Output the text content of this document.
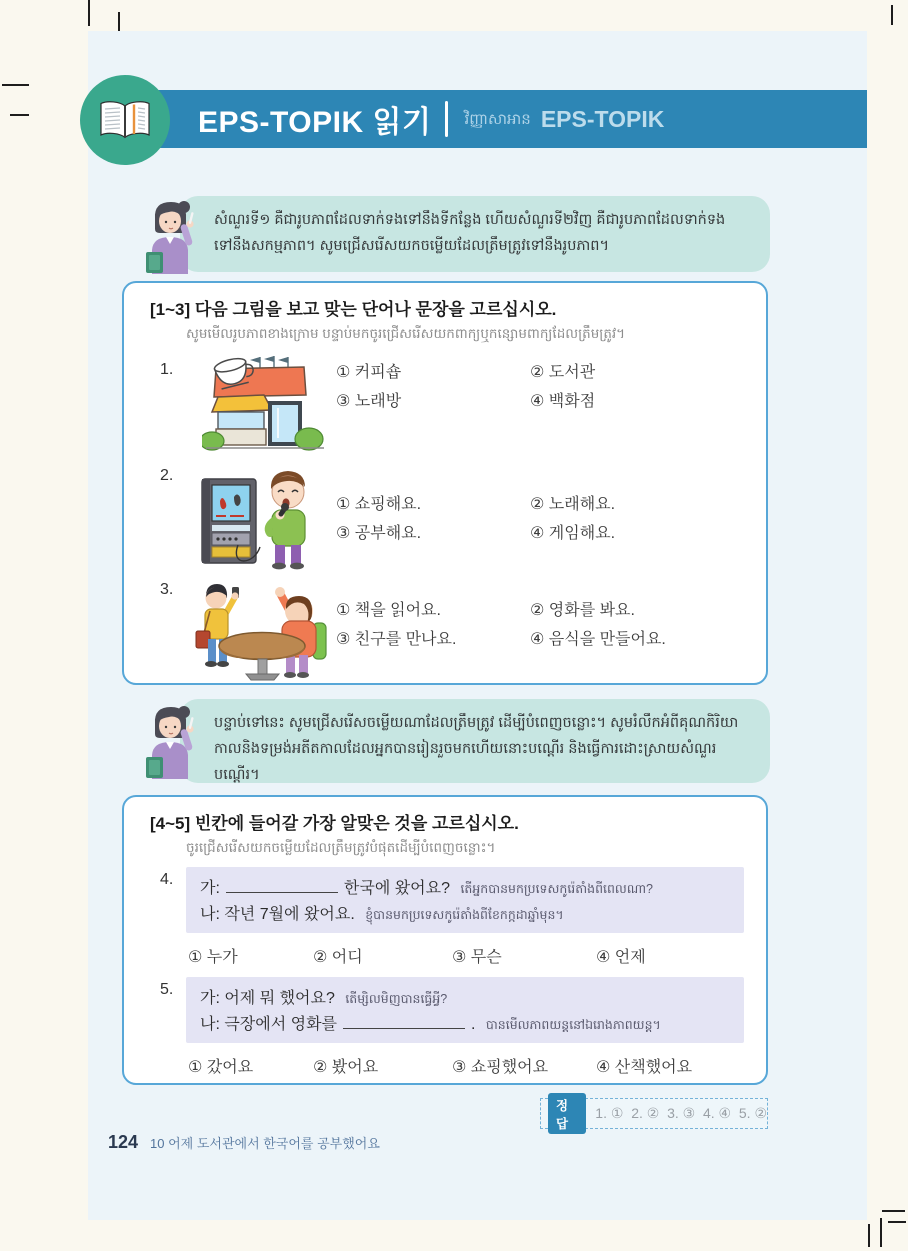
EPS-TOPIK 읽기 វិញ្ញាសាអាន EPS-TOPIK
សំណួរទី១ គឺជារូបភាពដែលទាក់ទងទៅនឹងទីកន្លែង ហើយសំណួរទី២វិញ គឺជារូបភាពដែលទាក់ទងទៅនឹងសកម្មភាព។ សូមជ្រើសរើសយកចម្លើយដែលត្រឹមត្រូវទៅនឹងរូបភាព។
[1~3] 다음 그림을 보고 맞는 단어나 문장을 고르십시오.
សូមមើលរូបភាពខាងក្រោម បន្ទាប់មកចូរជ្រើសរើសយកពាក្យឬកន្សោមពាក្យដែលត្រឹមត្រូវ។
1.	① 커피숍	② 도서관
③ 노래방	④ 백화점
2.
① 쇼핑해요.	② 노래해요.
③ 공부해요.	④ 게임해요.
3.
① 책을 읽어요.	② 영화를 봐요.
③ 친구를 만나요.	④ 음식을 만들어요.
បន្ទាប់ទៅនេះ សូមជ្រើសរើសចម្លើយណាដែលត្រឹមត្រូវ ដើម្បីបំពេញចន្លោះ។ សូមរំលឹកអំពីគុណកិរិយាកាលនិងទម្រង់អតីតកាលដែលអ្នកបានរៀនរួចមកហើយនោះបណ្ដើរ និងធ្វើការដោះស្រាយសំណួរបណ្ដើរ។
[4~5] 빈칸에 들어갈 가장 알맞은 것을 고르십시오.
ចូរជ្រើសរើសយកចម្លើយដែលត្រឹមត្រូវបំផុតដើម្បីបំពេញចន្លោះ។
4.
가:	한국에 왔어요? តើអ្នកបានមកប្រទេសកូរ៉េតាំងពីពេលណា?
나: 작년 7월에 왔어요. ខ្ញុំបានមកប្រទេសកូរ៉េតាំងពីខែកក្កដាឆ្នាំមុន។
① 누가	② 어디	③ 무슨	④ 언제
5.
가: 어제 뭐 했어요? តើម្សិលមិញបានធ្វើអ្វី?
나: 극장에서 영화를	. បានមើលភាពយន្តនៅឯរោងភាពយន្ត។
① 갔어요	② 봤어요	③ 쇼핑했어요	④ 산책했어요
정답
1. ①  2. ②  3. ③  4. ④  5. ②
124 10 어제 도서관에서 한국어를 공부했어요
